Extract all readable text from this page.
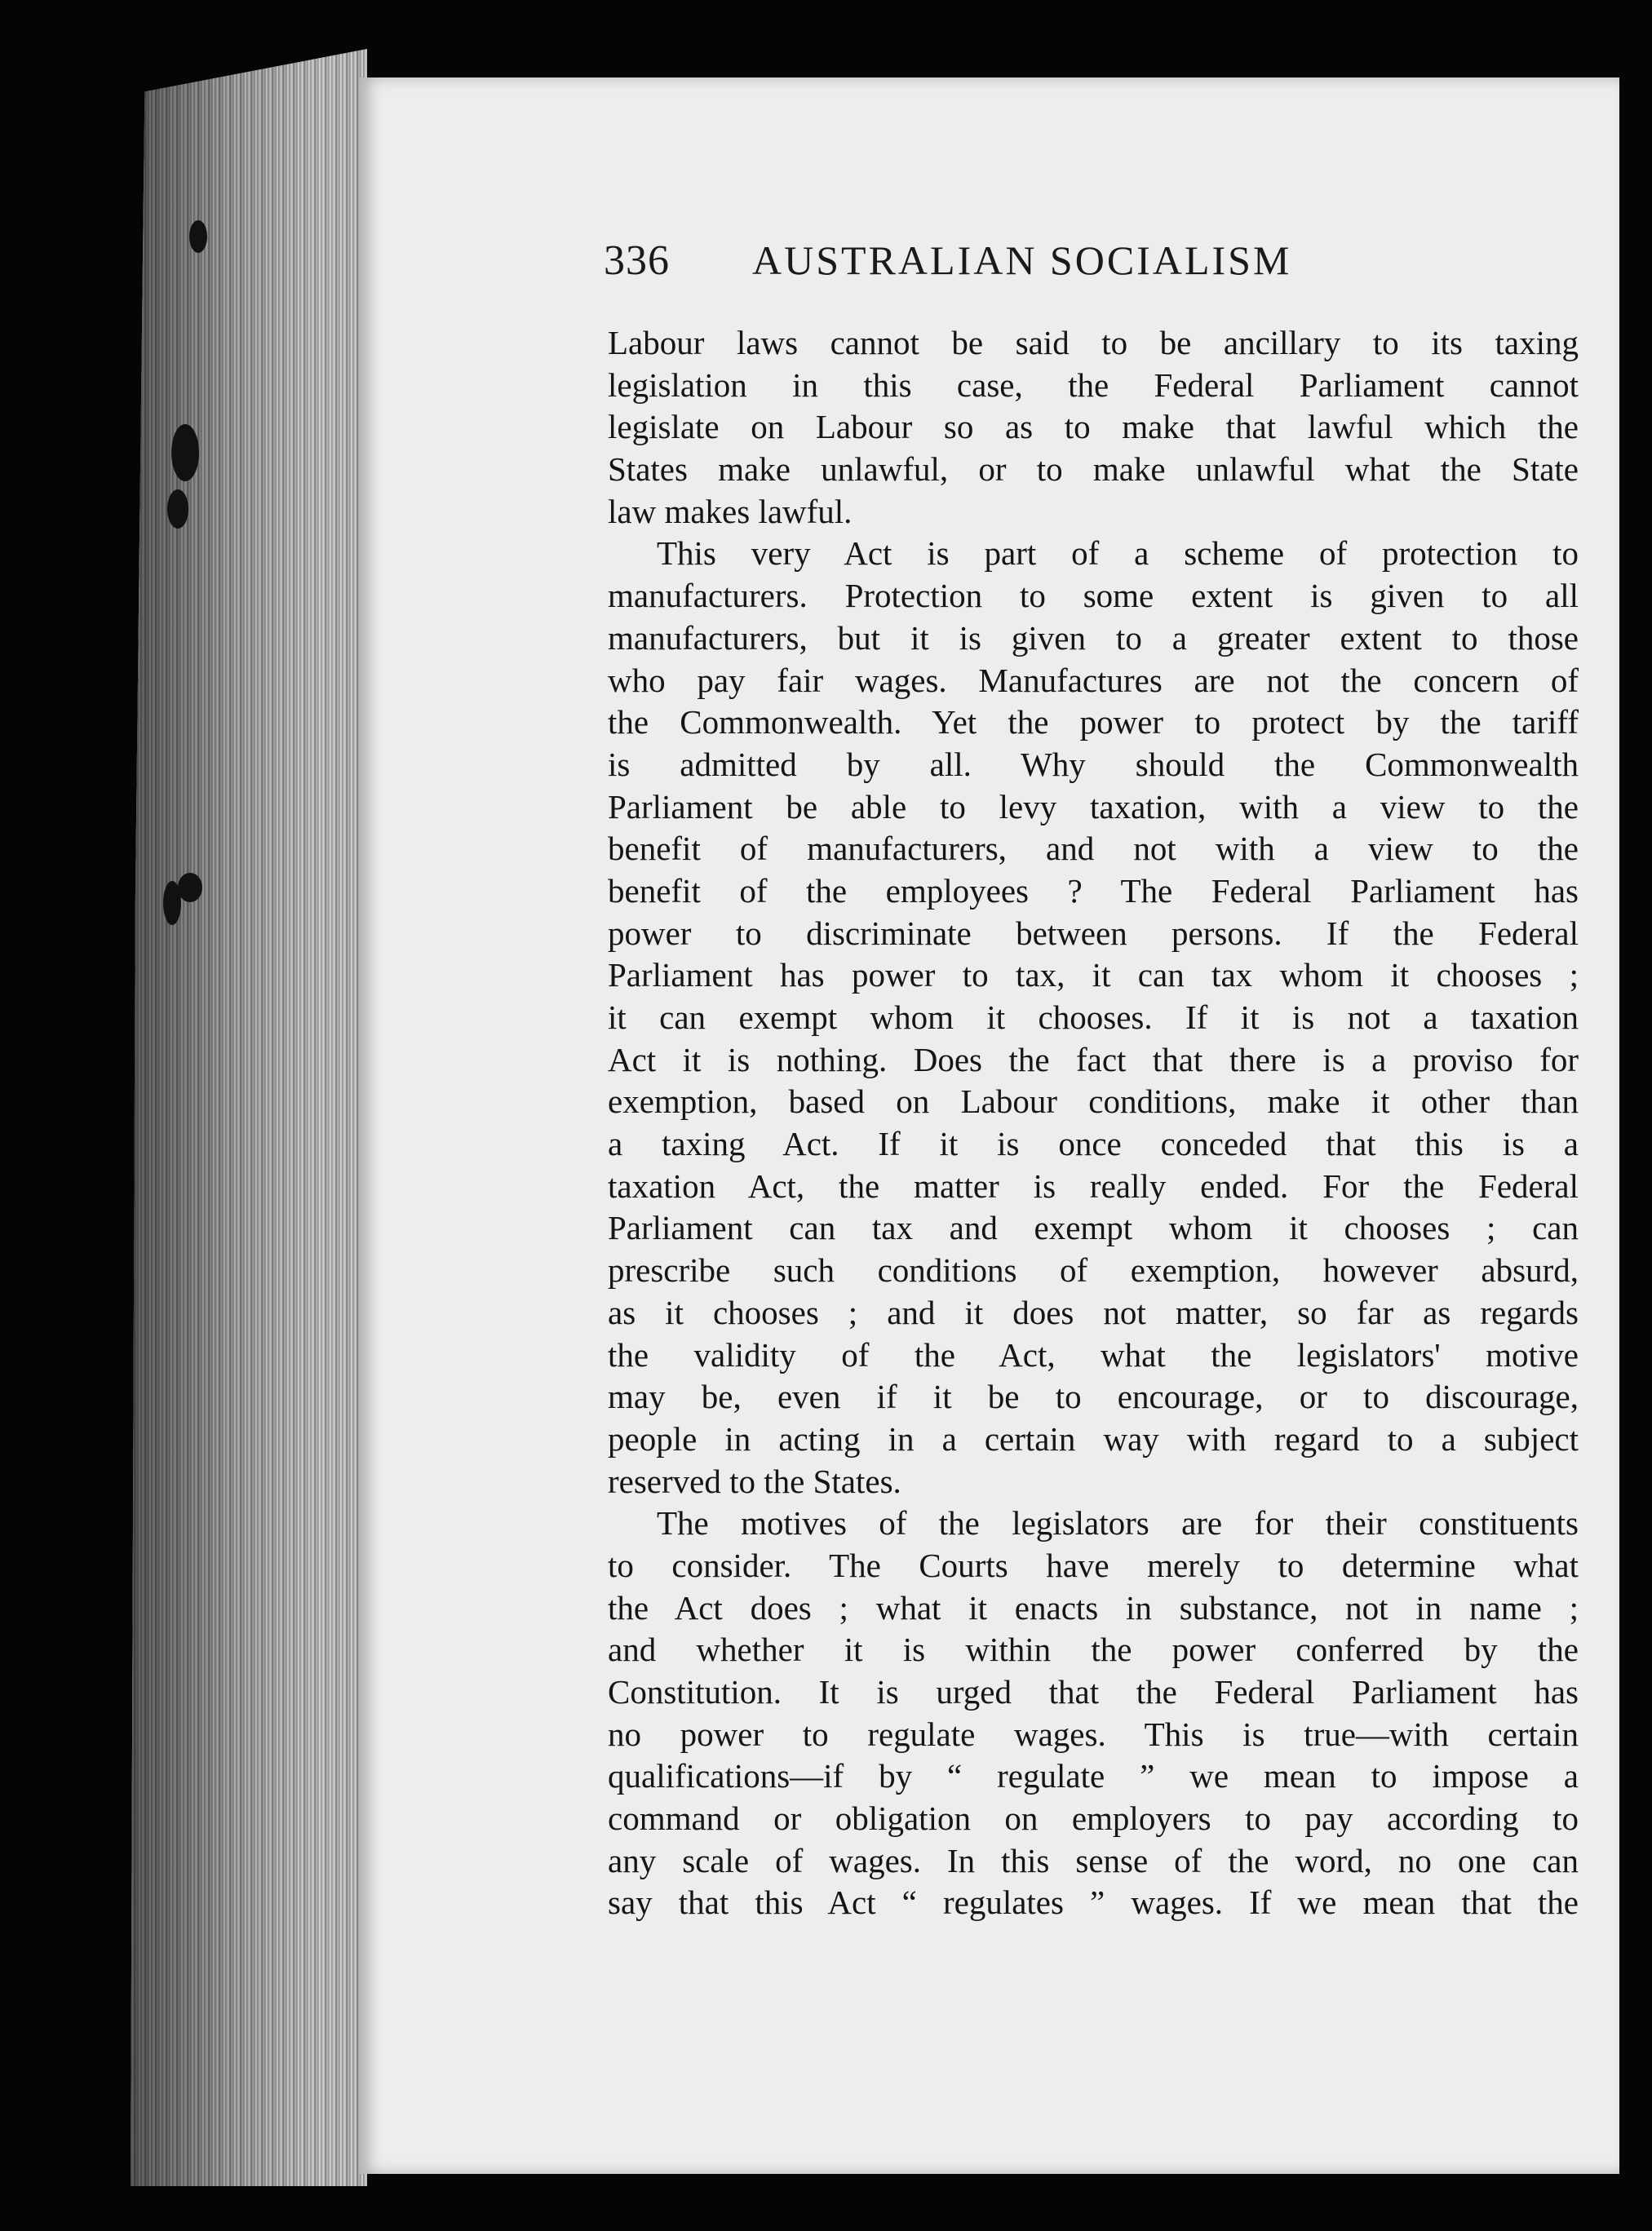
336 AUSTRALIAN SOCIALISM
Labour laws cannot be said to be ancillary to its taxing
legislation in this case, the Federal Parliament cannot
legislate on Labour so as to make that lawful which the
States make unlawful, or to make unlawful what the State
law makes lawful.
This very Act is part of a scheme of protection to
manufacturers. Protection to some extent is given to all
manufacturers, but it is given to a greater extent to those
who pay fair wages. Manufactures are not the concern of
the Commonwealth. Yet the power to protect by the tariff
is admitted by all. Why should the Commonwealth
Parliament be able to levy taxation, with a view to the
benefit of manufacturers, and not with a view to the
benefit of the employees ? The Federal Parliament has
power to discriminate between persons. If the Federal
Parliament has power to tax, it can tax whom it chooses ;
it can exempt whom it chooses. If it is not a taxation
Act it is nothing. Does the fact that there is a proviso for
exemption, based on Labour conditions, make it other than
a taxing Act. If it is once conceded that this is a
taxation Act, the matter is really ended. For the Federal
Parliament can tax and exempt whom it chooses ; can
prescribe such conditions of exemption, however absurd,
as it chooses ; and it does not matter, so far as regards
the validity of the Act, what the legislators' motive
may be, even if it be to encourage, or to discourage,
people in acting in a certain way with regard to a subject
reserved to the States.
The motives of the legislators are for their constituents
to consider. The Courts have merely to determine what
the Act does ; what it enacts in substance, not in name ;
and whether it is within the power conferred by the
Constitution. It is urged that the Federal Parliament has
no power to regulate wages. This is true—with certain
qualifications—if by “ regulate ” we mean to impose a
command or obligation on employers to pay according to
any scale of wages. In this sense of the word, no one can
say that this Act “ regulates ” wages. If we mean that the
